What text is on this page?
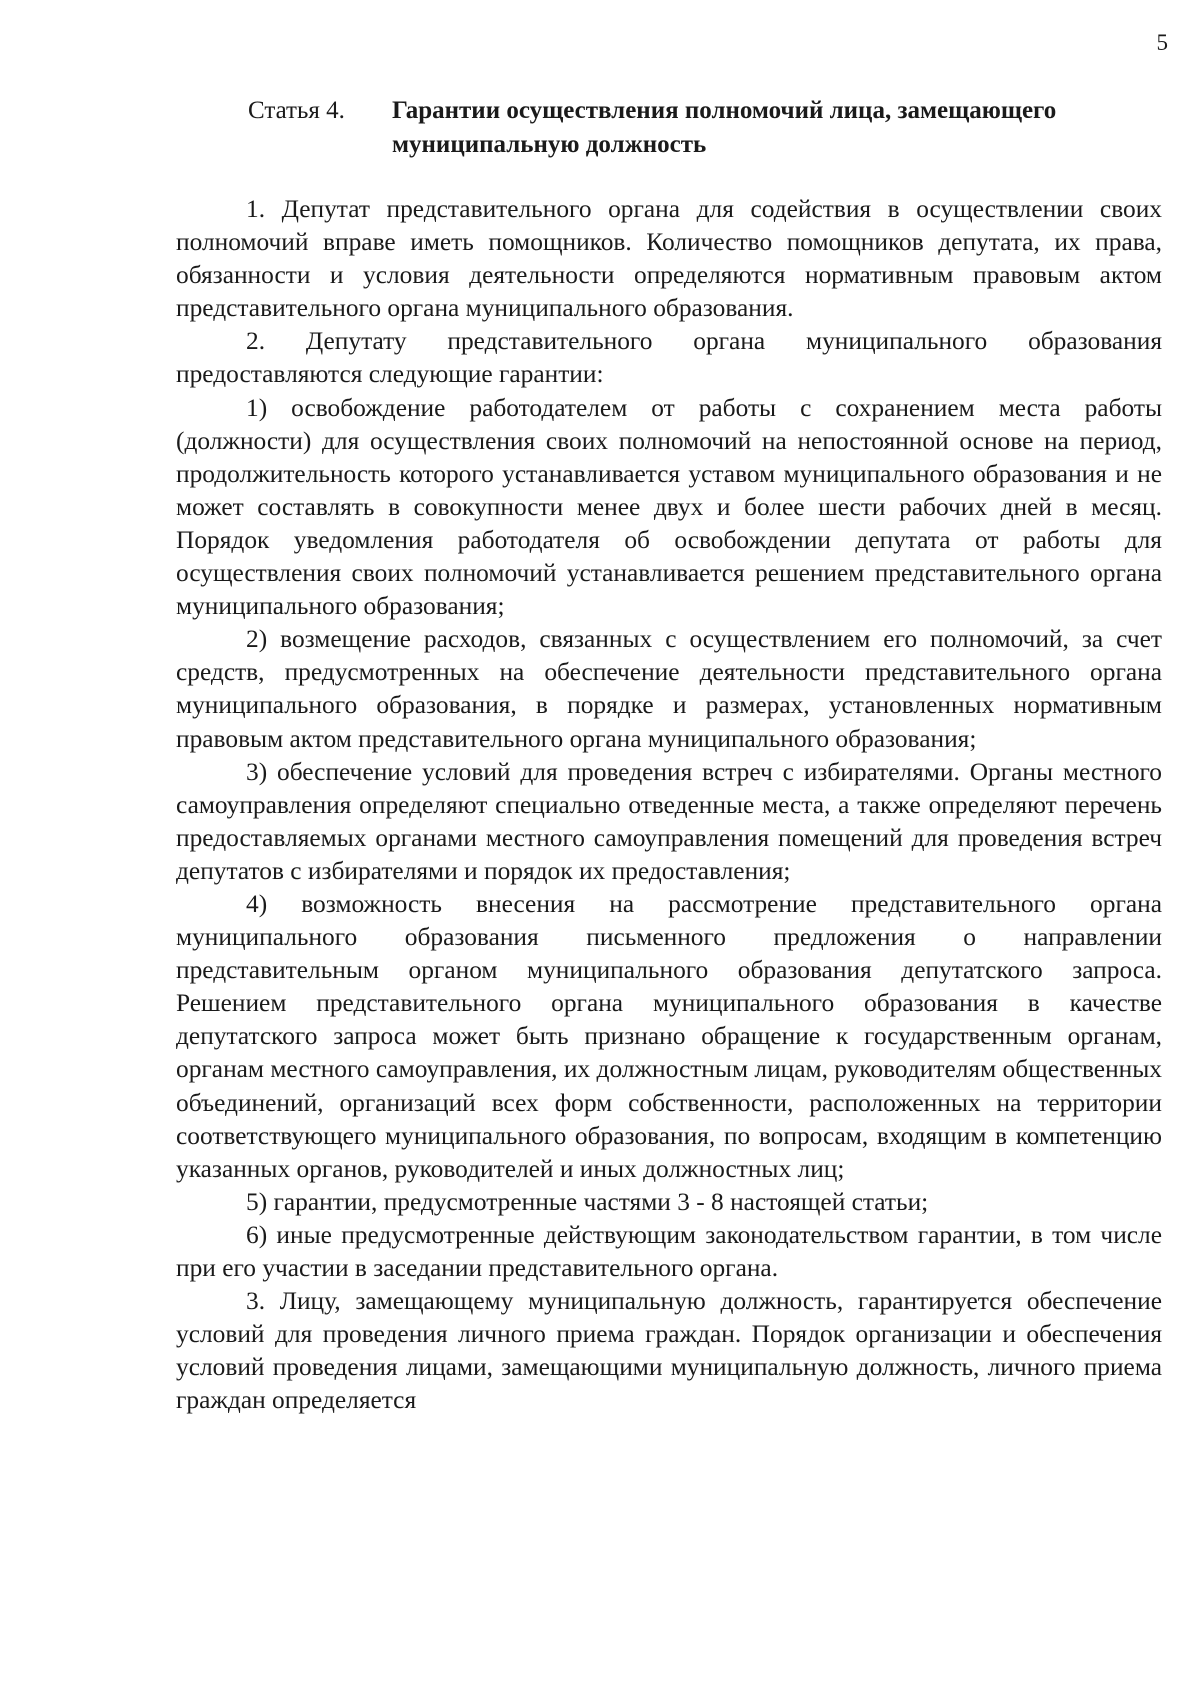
5
Статья 4.	Гарантии осуществления полномочий лица, замещающего муниципальную должность

1. Депутат представительного органа для содействия в осуществлении своих полномочий вправе иметь помощников. Количество помощников депутата, их права, обязанности и условия деятельности определяются нормативным правовым актом представительного органа муниципального образования.

2. Депутату представительного органа муниципального образования предоставляются следующие гарантии:

1) освобождение работодателем от работы с сохранением места работы (должности) для осуществления своих полномочий на непостоянной основе на период, продолжительность которого устанавливается уставом муниципального образования и не может составлять в совокупности менее двух и более шести рабочих дней в месяц. Порядок уведомления работодателя об освобождении депутата от работы для осуществления своих полномочий устанавливается решением представительного органа муниципального образования;

2) возмещение расходов, связанных с осуществлением его полномочий, за счет средств, предусмотренных на обеспечение деятельности представительного органа муниципального образования, в порядке и размерах, установленных нормативным правовым актом представительного органа муниципального образования;

3) обеспечение условий для проведения встреч с избирателями. Органы местного самоуправления определяют специально отведенные места, а также определяют перечень предоставляемых органами местного самоуправления помещений для проведения встреч депутатов с избирателями и порядок их предоставления;

4) возможность внесения на рассмотрение представительного органа муниципального образования письменного предложения о направлении представительным органом муниципального образования депутатского запроса. Решением представительного органа муниципального образования в качестве депутатского запроса может быть признано обращение к государственным органам, органам местного самоуправления, их должностным лицам, руководителям общественных объединений, организаций всех форм собственности, расположенных на территории соответствующего муниципального образования, по вопросам, входящим в компетенцию указанных органов, руководителей и иных должностных лиц;

5) гарантии, предусмотренные частями 3 - 8 настоящей статьи;

6) иные предусмотренные действующим законодательством гарантии, в том числе при его участии в заседании представительного органа.

3. Лицу, замещающему муниципальную должность, гарантируется обеспечение условий для проведения личного приема граждан. Порядок организации и обеспечения условий проведения лицами, замещающими муниципальную должность, личного приема граждан определяется
